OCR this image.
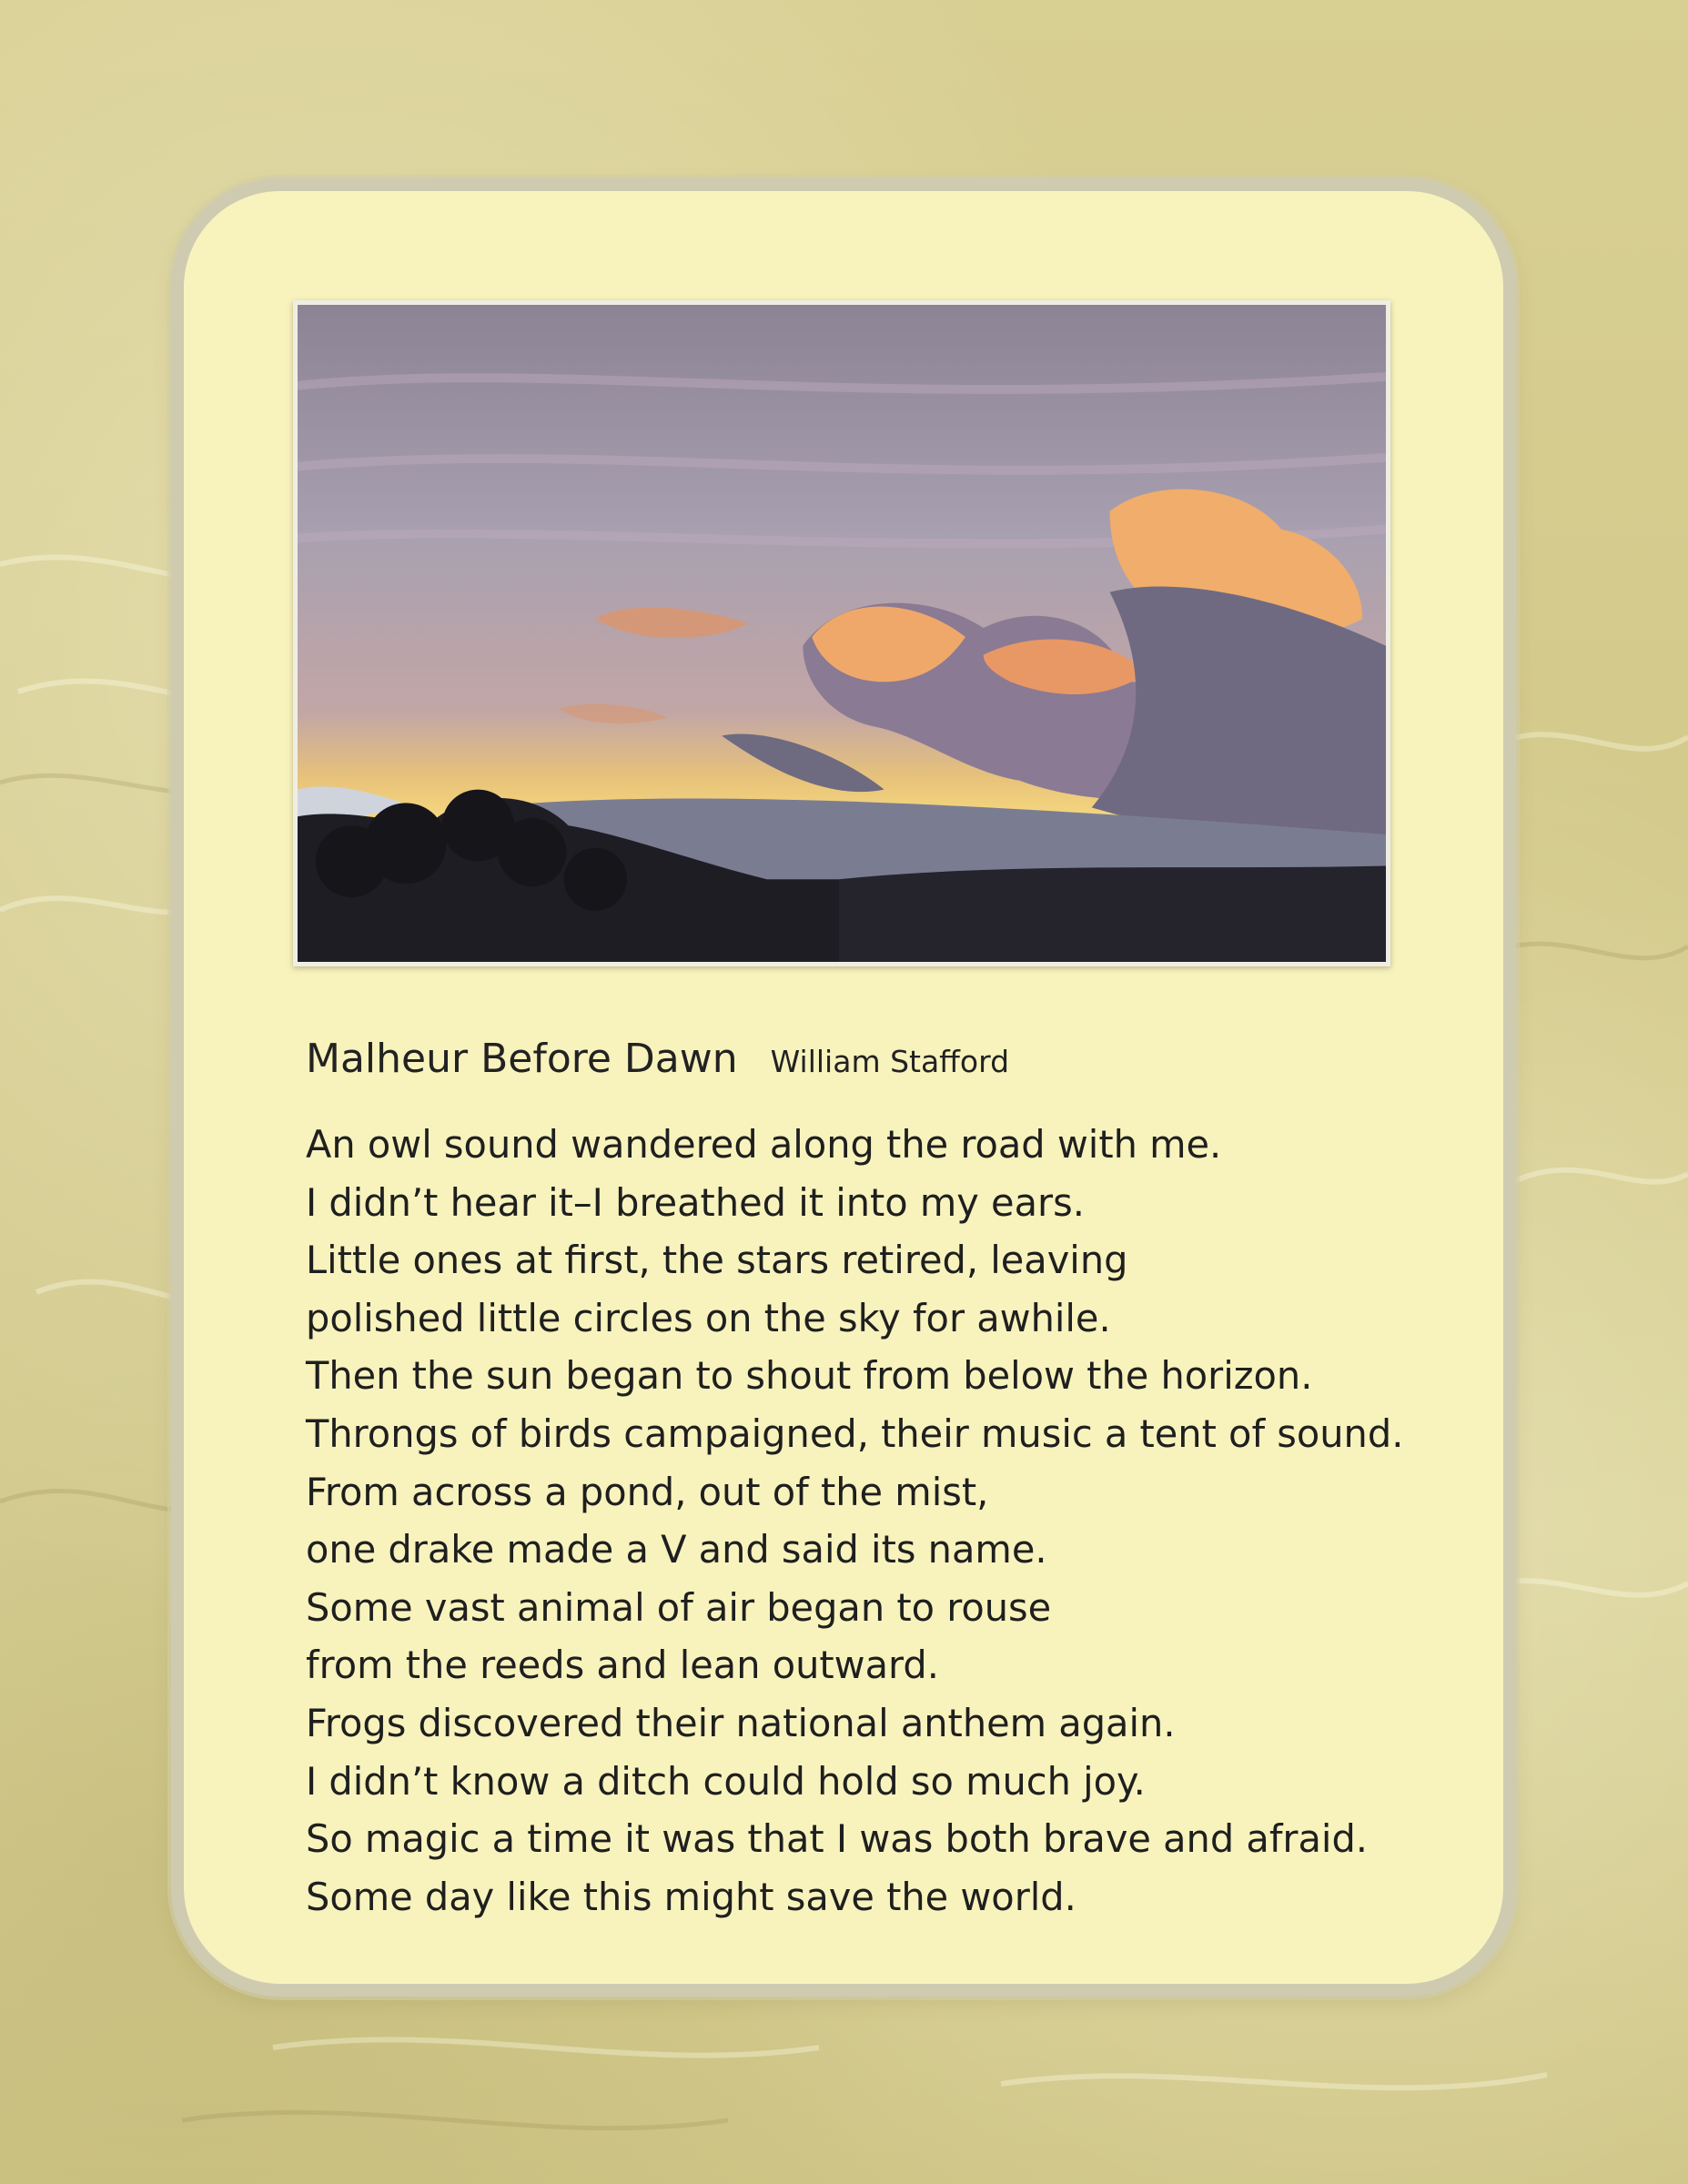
Malheur Before Dawn William Stafford
An owl sound wandered along the road with me.
I didn’t hear it–I breathed it into my ears.
Little ones at first, the stars retired, leaving
polished little circles on the sky for awhile.
Then the sun began to shout from below the horizon.
Throngs of birds campaigned, their music a tent of sound.
From across a pond, out of the mist,
one drake made a V and said its name.
Some vast animal of air began to rouse
from the reeds and lean outward.
Frogs discovered their national anthem again.
I didn’t know a ditch could hold so much joy.
So magic a time it was that I was both brave and afraid.
Some day like this might save the world.
